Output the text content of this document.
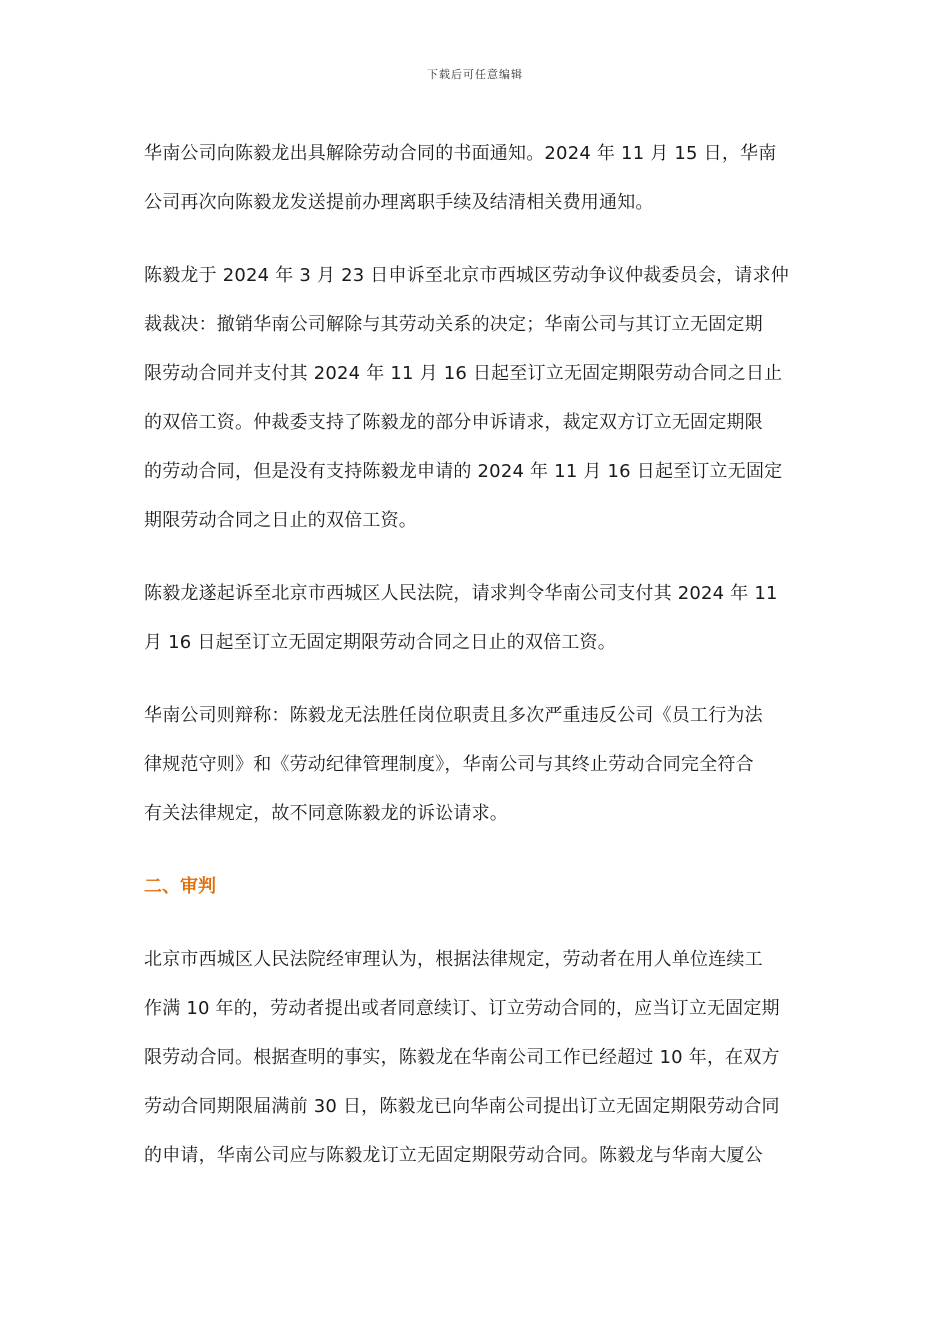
下载后可任意编辑

华南公司向陈毅龙出具解除劳动合同的书面通知。2024 年 11 月 15 日，华南
公司再次向陈毅龙发送提前办理离职手续及结清相关费用通知。

陈毅龙于 2024 年 3 月 23 日申诉至北京市西城区劳动争议仲裁委员会，请求仲
裁裁决：撤销华南公司解除与其劳动关系的决定；华南公司与其订立无固定期
限劳动合同并支付其 2024 年 11 月 16 日起至订立无固定期限劳动合同之日止
的双倍工资。仲裁委支持了陈毅龙的部分申诉请求，裁定双方订立无固定期限
的劳动合同，但是没有支持陈毅龙申请的 2024 年 11 月 16 日起至订立无固定
期限劳动合同之日止的双倍工资。

陈毅龙遂起诉至北京市西城区人民法院，请求判令华南公司支付其 2024 年 11
月 16 日起至订立无固定期限劳动合同之日止的双倍工资。

华南公司则辩称：陈毅龙无法胜任岗位职责且多次严重违反公司《员工行为法
律规范守则》和《劳动纪律管理制度》，华南公司与其终止劳动合同完全符合
有关法律规定，故不同意陈毅龙的诉讼请求。

二、审判

北京市西城区人民法院经审理认为，根据法律规定，劳动者在用人单位连续工
作满 10 年的，劳动者提出或者同意续订、订立劳动合同的，应当订立无固定期
限劳动合同。根据查明的事实，陈毅龙在华南公司工作已经超过 10 年，在双方
劳动合同期限届满前 30 日，陈毅龙已向华南公司提出订立无固定期限劳动合同
的申请，华南公司应与陈毅龙订立无固定期限劳动合同。陈毅龙与华南大厦公
